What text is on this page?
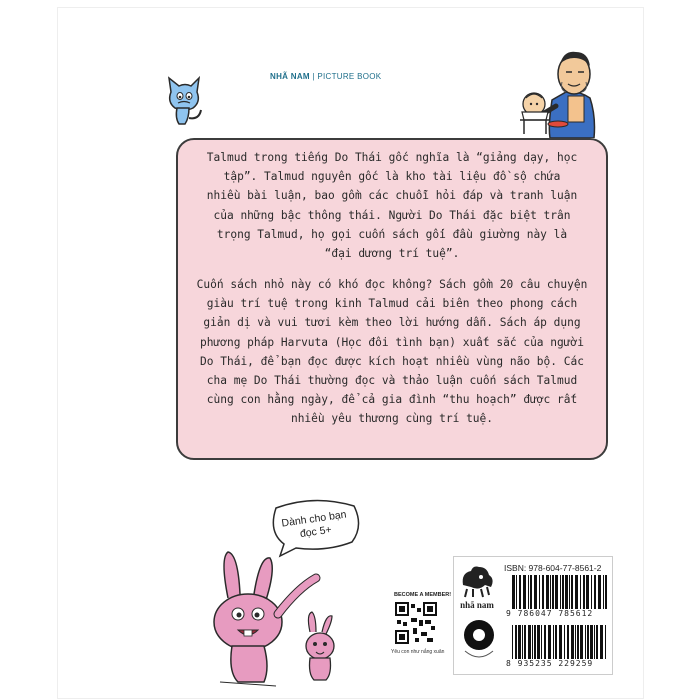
NHÃ NAM | PICTURE BOOK

Talmud trong tiếng Do Thái gốc nghĩa là “giảng dạy, học tập”. Talmud nguyên gốc là kho tài liệu đồ sộ chứa nhiều bài luận, bao gồm các chuỗi hỏi đáp và tranh luận của những bậc thông thái. Người Do Thái đặc biệt trân trọng Talmud, họ gọi cuốn sách gối đầu giường này là “đại dương trí tuệ”.

Cuốn sách nhỏ này có khó đọc không? Sách gồm 20 câu chuyện giàu trí tuệ trong kinh Talmud cải biên theo phong cách giản dị và vui tươi kèm theo lời hướng dẫn. Sách áp dụng phương pháp Harvuta (Học đôi tình bạn) xuất sắc của người Do Thái, để bạn đọc được kích hoạt nhiều vùng não bộ. Các cha mẹ Do Thái thường đọc và thảo luận cuốn sách Talmud cùng con hằng ngày, để cả gia đình “thu hoạch” được rất nhiều yêu thương cùng trí tuệ.

Dành cho bạn đọc 5+
BECOME A MEMBER!
Yêu con như nắng xuân
nhã nam
ISBN: 978-604-77-8561-2
9 786047 785612
8 935235 229259
